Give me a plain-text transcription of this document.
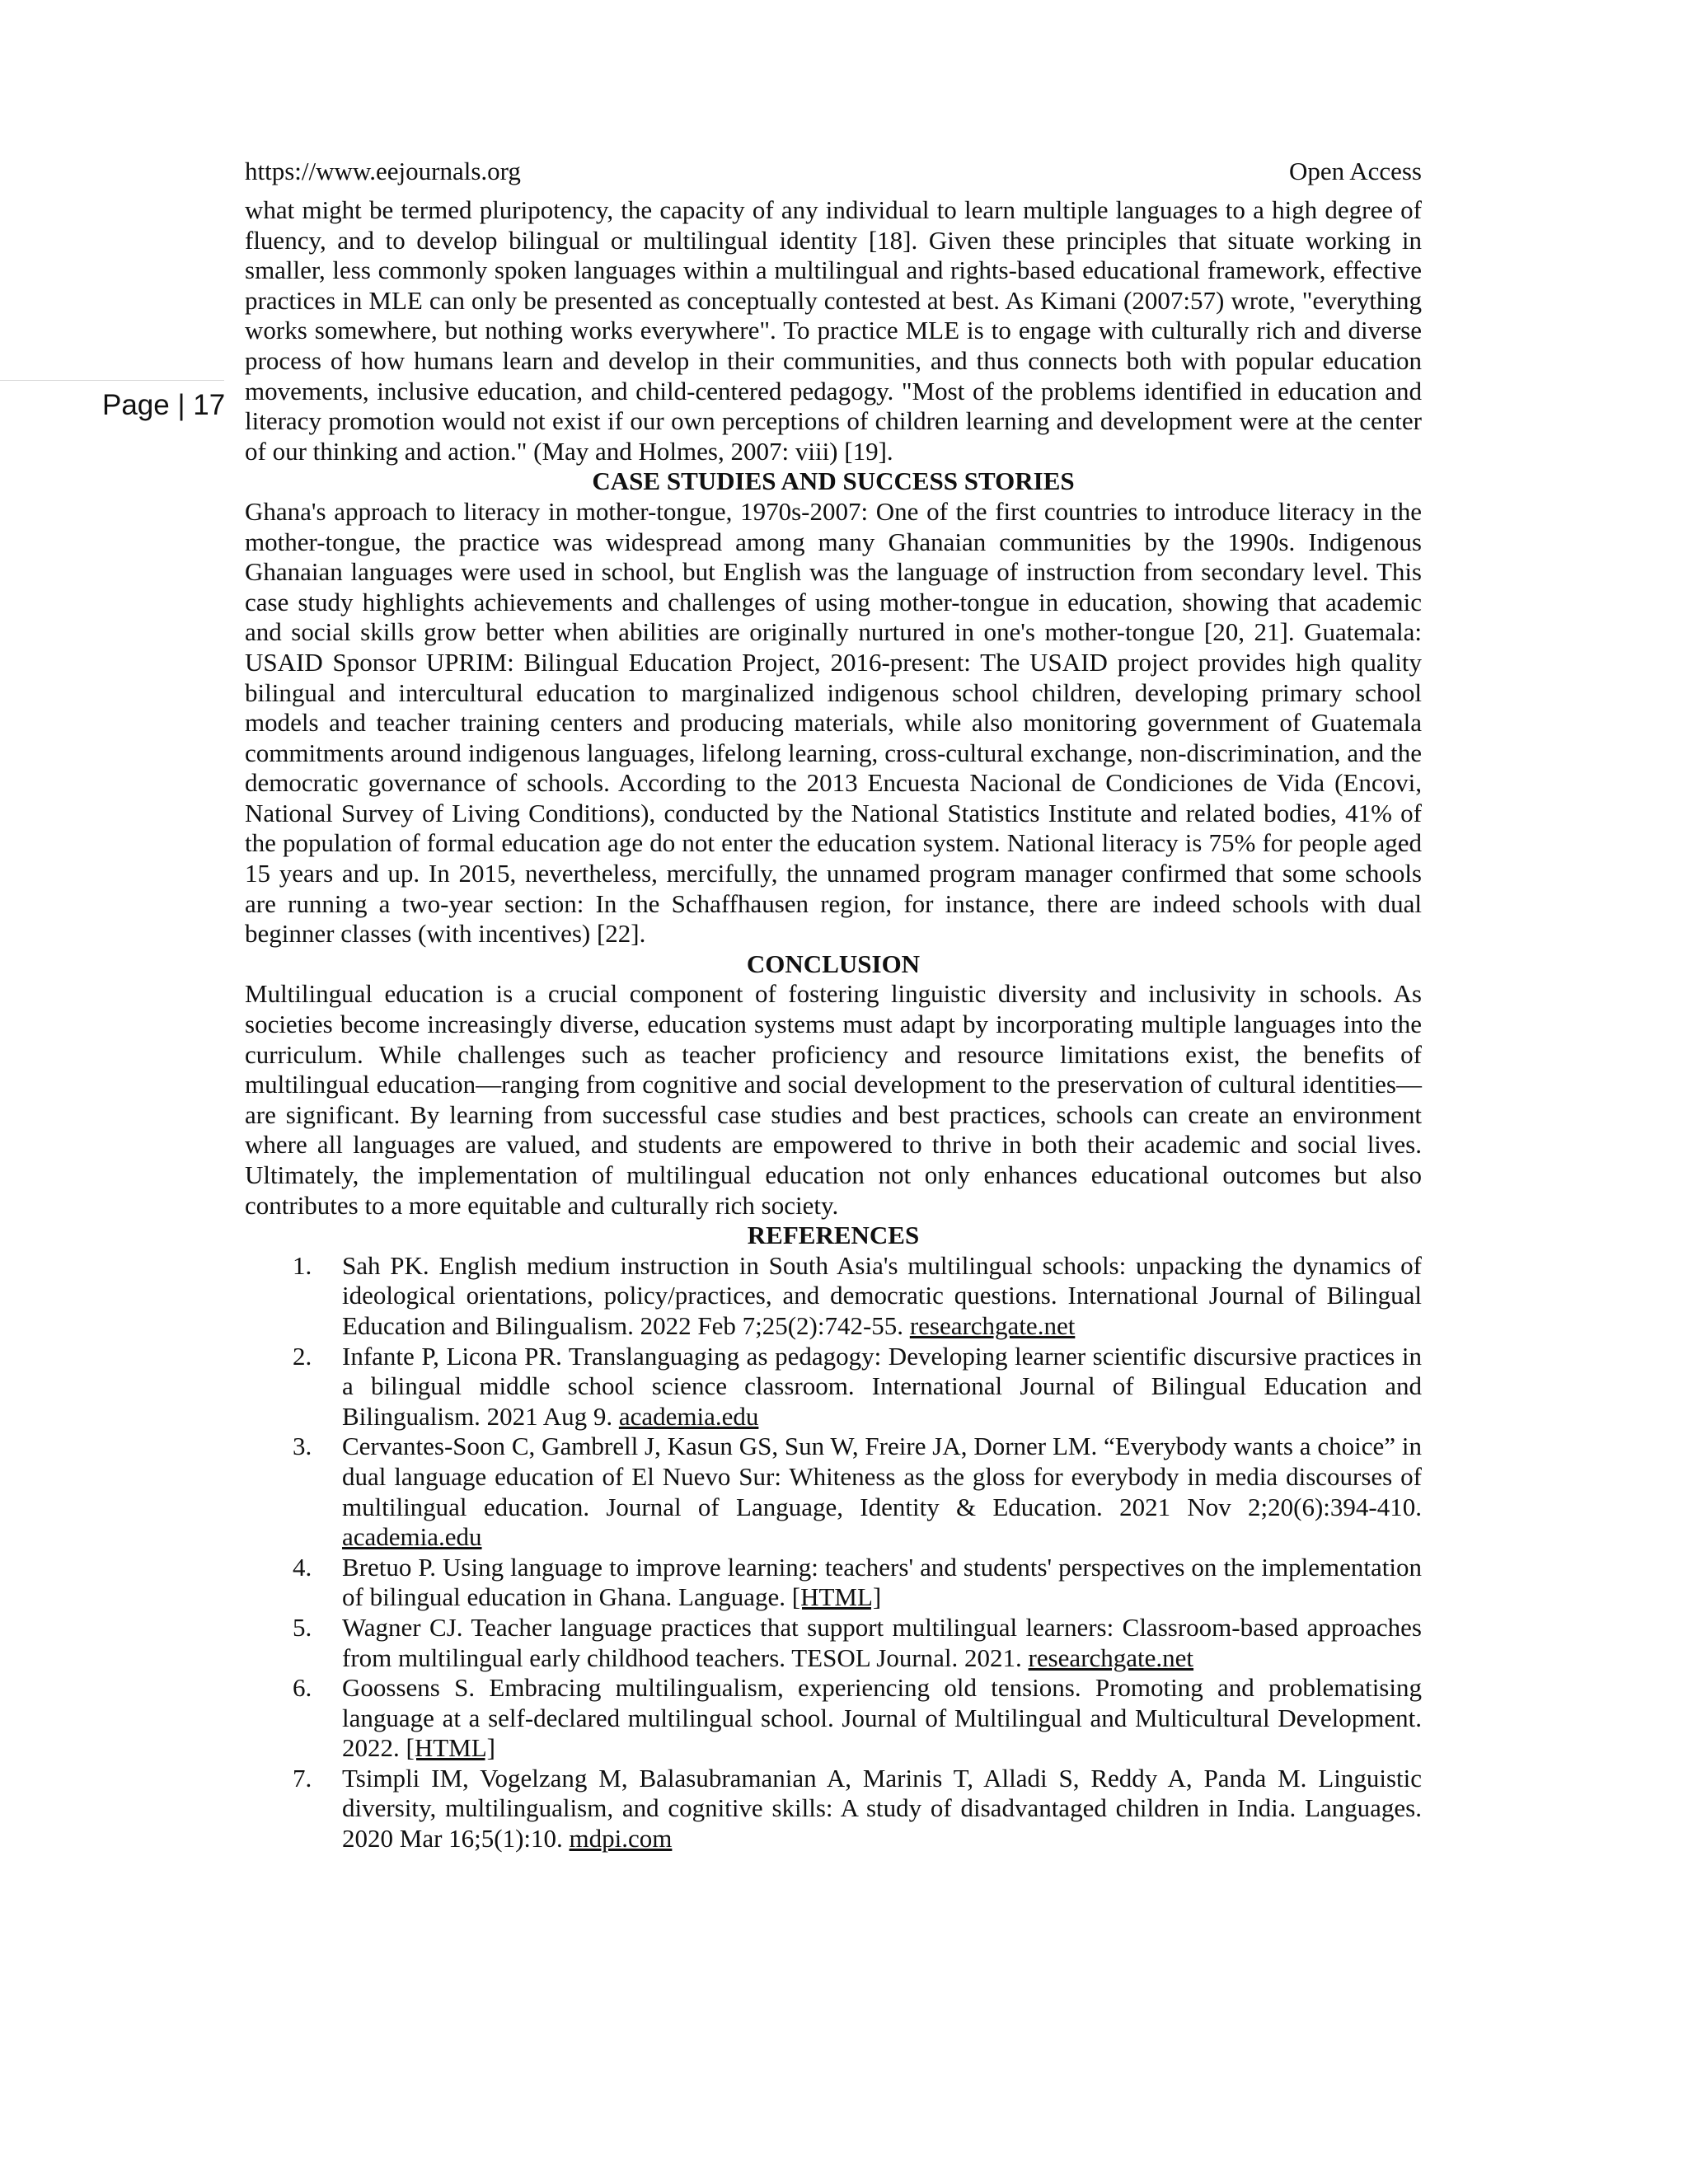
https://www.eejournals.org	Open Access
Page | 17

what might be termed pluripotency, the capacity of any individual to learn multiple languages to a high degree of fluency, and to develop bilingual or multilingual identity [18]. Given these principles that situate working in smaller, less commonly spoken languages within a multilingual and rights-based educational framework, effective practices in MLE can only be presented as conceptually contested at best. As Kimani (2007:57) wrote, "everything works somewhere, but nothing works everywhere". To practice MLE is to engage with culturally rich and diverse process of how humans learn and develop in their communities, and thus connects both with popular education movements, inclusive education, and child-centered pedagogy. "Most of the problems identified in education and literacy promotion would not exist if our own perceptions of children learning and development were at the center of our thinking and action." (May and Holmes, 2007: viii) [19].

CASE STUDIES AND SUCCESS STORIES

Ghana's approach to literacy in mother-tongue, 1970s-2007: One of the first countries to introduce literacy in the mother-tongue, the practice was widespread among many Ghanaian communities by the 1990s. Indigenous Ghanaian languages were used in school, but English was the language of instruction from secondary level. This case study highlights achievements and challenges of using mother-tongue in education, showing that academic and social skills grow better when abilities are originally nurtured in one's mother-tongue [20, 21]. Guatemala: USAID Sponsor UPRIM: Bilingual Education Project, 2016-present: The USAID project provides high quality bilingual and intercultural education to marginalized indigenous school children, developing primary school models and teacher training centers and producing materials, while also monitoring government of Guatemala commitments around indigenous languages, lifelong learning, cross-cultural exchange, non-discrimination, and the democratic governance of schools. According to the 2013 Encuesta Nacional de Condiciones de Vida (Encovi, National Survey of Living Conditions), conducted by the National Statistics Institute and related bodies, 41% of the population of formal education age do not enter the education system. National literacy is 75% for people aged 15 years and up. In 2015, nevertheless, mercifully, the unnamed program manager confirmed that some schools are running a two-year section: In the Schaffhausen region, for instance, there are indeed schools with dual beginner classes (with incentives) [22].

CONCLUSION

Multilingual education is a crucial component of fostering linguistic diversity and inclusivity in schools. As societies become increasingly diverse, education systems must adapt by incorporating multiple languages into the curriculum. While challenges such as teacher proficiency and resource limitations exist, the benefits of multilingual education—ranging from cognitive and social development to the preservation of cultural identities—are significant. By learning from successful case studies and best practices, schools can create an environment where all languages are valued, and students are empowered to thrive in both their academic and social lives. Ultimately, the implementation of multilingual education not only enhances educational outcomes but also contributes to a more equitable and culturally rich society.

REFERENCES
1. Sah PK. English medium instruction in South Asia's multilingual schools: unpacking the dynamics of ideological orientations, policy/practices, and democratic questions. International Journal of Bilingual Education and Bilingualism. 2022 Feb 7;25(2):742-55. researchgate.net
2. Infante P, Licona PR. Translanguaging as pedagogy: Developing learner scientific discursive practices in a bilingual middle school science classroom. International Journal of Bilingual Education and Bilingualism. 2021 Aug 9. academia.edu
3. Cervantes-Soon C, Gambrell J, Kasun GS, Sun W, Freire JA, Dorner LM. “Everybody wants a choice” in dual language education of El Nuevo Sur: Whiteness as the gloss for everybody in media discourses of multilingual education. Journal of Language, Identity & Education. 2021 Nov 2;20(6):394-410. academia.edu
4. Bretuo P. Using language to improve learning: teachers' and students' perspectives on the implementation of bilingual education in Ghana. Language. [HTML]
5. Wagner CJ. Teacher language practices that support multilingual learners: Classroom-based approaches from multilingual early childhood teachers. TESOL Journal. 2021. researchgate.net
6. Goossens S. Embracing multilingualism, experiencing old tensions. Promoting and problematising language at a self-declared multilingual school. Journal of Multilingual and Multicultural Development. 2022. [HTML]
7. Tsimpli IM, Vogelzang M, Balasubramanian A, Marinis T, Alladi S, Reddy A, Panda M. Linguistic diversity, multilingualism, and cognitive skills: A study of disadvantaged children in India. Languages. 2020 Mar 16;5(1):10. mdpi.com
